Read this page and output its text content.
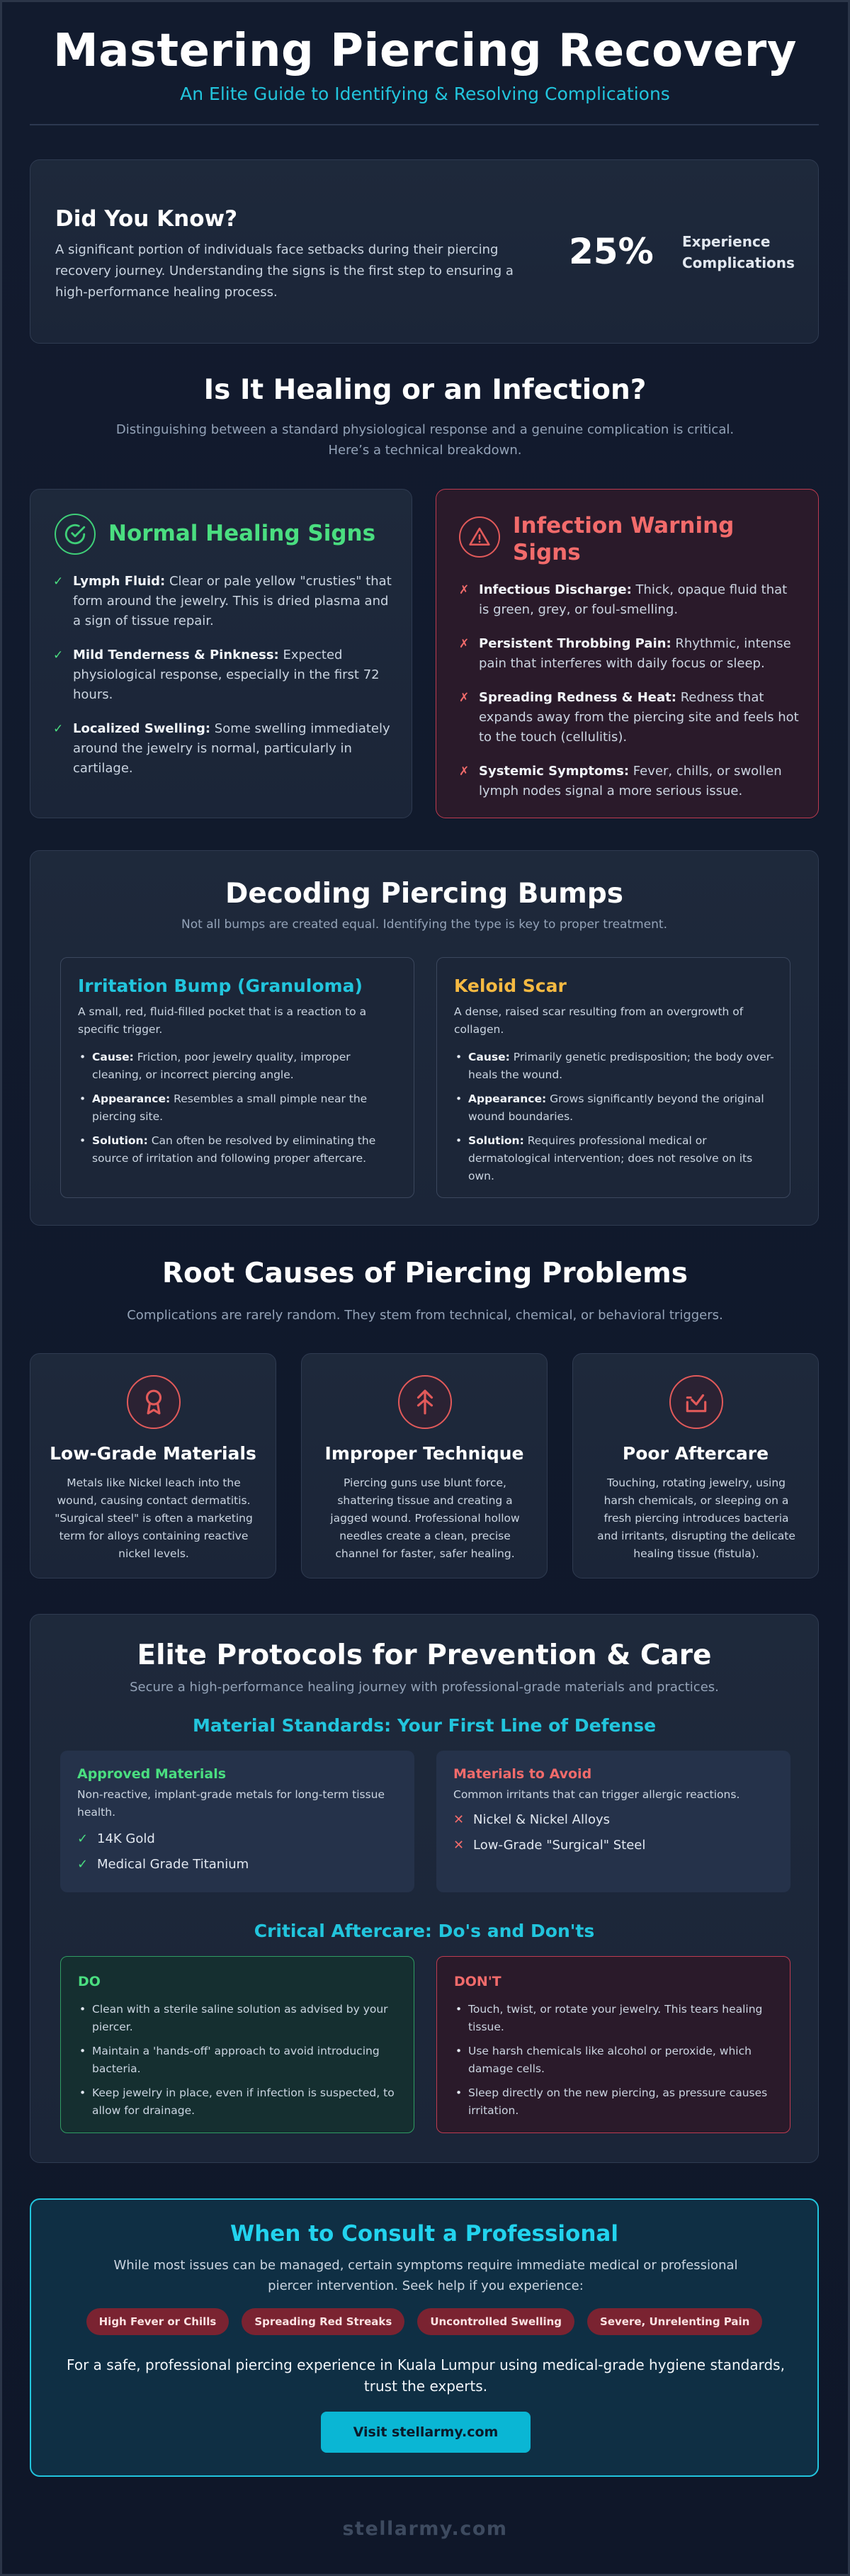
Mastering Piercing Recovery
An Elite Guide to Identifying & Resolving Complications
Did You Know?

A significant portion of individuals face setbacks during their piercing recovery journey. Understanding the signs is the first step to ensuring a high-performance healing process.

25% Experience Complications
Is It Healing or an Infection?
Distinguishing between a standard physiological response and a genuine complication is critical. Here’s a technical breakdown.
Normal Healing Signs
✓ Lymph Fluid: Clear or pale yellow "crusties" that form around the jewelry. This is dried plasma and a sign of tissue repair.
✓ Mild Tenderness & Pinkness: Expected physiological response, especially in the first 72 hours.
✓ Localized Swelling: Some swelling immediately around the jewelry is normal, particularly in cartilage.
Infection Warning Signs
✗ Infectious Discharge: Thick, opaque fluid that is green, grey, or foul-smelling.
✗ Persistent Throbbing Pain: Rhythmic, intense pain that interferes with daily focus or sleep.
✗ Spreading Redness & Heat: Redness that expands away from the piercing site and feels hot to the touch (cellulitis).
✗ Systemic Symptoms: Fever, chills, or swollen lymph nodes signal a more serious issue.
Decoding Piercing Bumps
Not all bumps are created equal. Identifying the type is key to proper treatment.
Irritation Bump (Granuloma)
A small, red, fluid-filled pocket that is a reaction to a specific trigger.
• Cause: Friction, poor jewelry quality, improper cleaning, or incorrect piercing angle.
• Appearance: Resembles a small pimple near the piercing site.
• Solution: Can often be resolved by eliminating the source of irritation and following proper aftercare.
Keloid Scar
A dense, raised scar resulting from an overgrowth of collagen.
• Cause: Primarily genetic predisposition; the body over-heals the wound.
• Appearance: Grows significantly beyond the original wound boundaries.
• Solution: Requires professional medical or dermatological intervention; does not resolve on its own.
Root Causes of Piercing Problems
Complications are rarely random. They stem from technical, chemical, or behavioral triggers.
Low-Grade Materials

Metals like Nickel leach into the wound, causing contact dermatitis. "Surgical steel" is often a marketing term for alloys containing reactive nickel levels.

Improper Technique

Piercing guns use blunt force, shattering tissue and creating a jagged wound. Professional hollow needles create a clean, precise channel for faster, safer healing.

Poor Aftercare

Touching, rotating jewelry, using harsh chemicals, or sleeping on a fresh piercing introduces bacteria and irritants, disrupting the delicate healing tissue (fistula).

Elite Protocols for Prevention & Care
Secure a high-performance healing journey with professional-grade materials and practices.
Material Standards: Your First Line of Defense
Approved Materials
Non-reactive, implant-grade metals for long-term tissue health.
✓ 14K Gold
✓ Medical Grade Titanium
Materials to Avoid
Common irritants that can trigger allergic reactions.
✕ Nickel & Nickel Alloys
✕ Low-Grade "Surgical" Steel
Critical Aftercare: Do's and Don'ts
DO
• Clean with a sterile saline solution as advised by your piercer.
• Maintain a 'hands-off' approach to avoid introducing bacteria.
• Keep jewelry in place, even if infection is suspected, to allow for drainage.
DON'T
• Touch, twist, or rotate your jewelry. This tears healing tissue.
• Use harsh chemicals like alcohol or peroxide, which damage cells.
• Sleep directly on the new piercing, as pressure causes irritation.
When to Consult a Professional
While most issues can be managed, certain symptoms require immediate medical or professional piercer intervention. Seek help if you experience:
High Fever or Chills	Spreading Red Streaks	Uncontrolled Swelling	Severe, Unrelenting Pain
For a safe, professional piercing experience in Kuala Lumpur using medical-grade hygiene standards, trust the experts.
Visit stellarmy.com
stellarmy.com
